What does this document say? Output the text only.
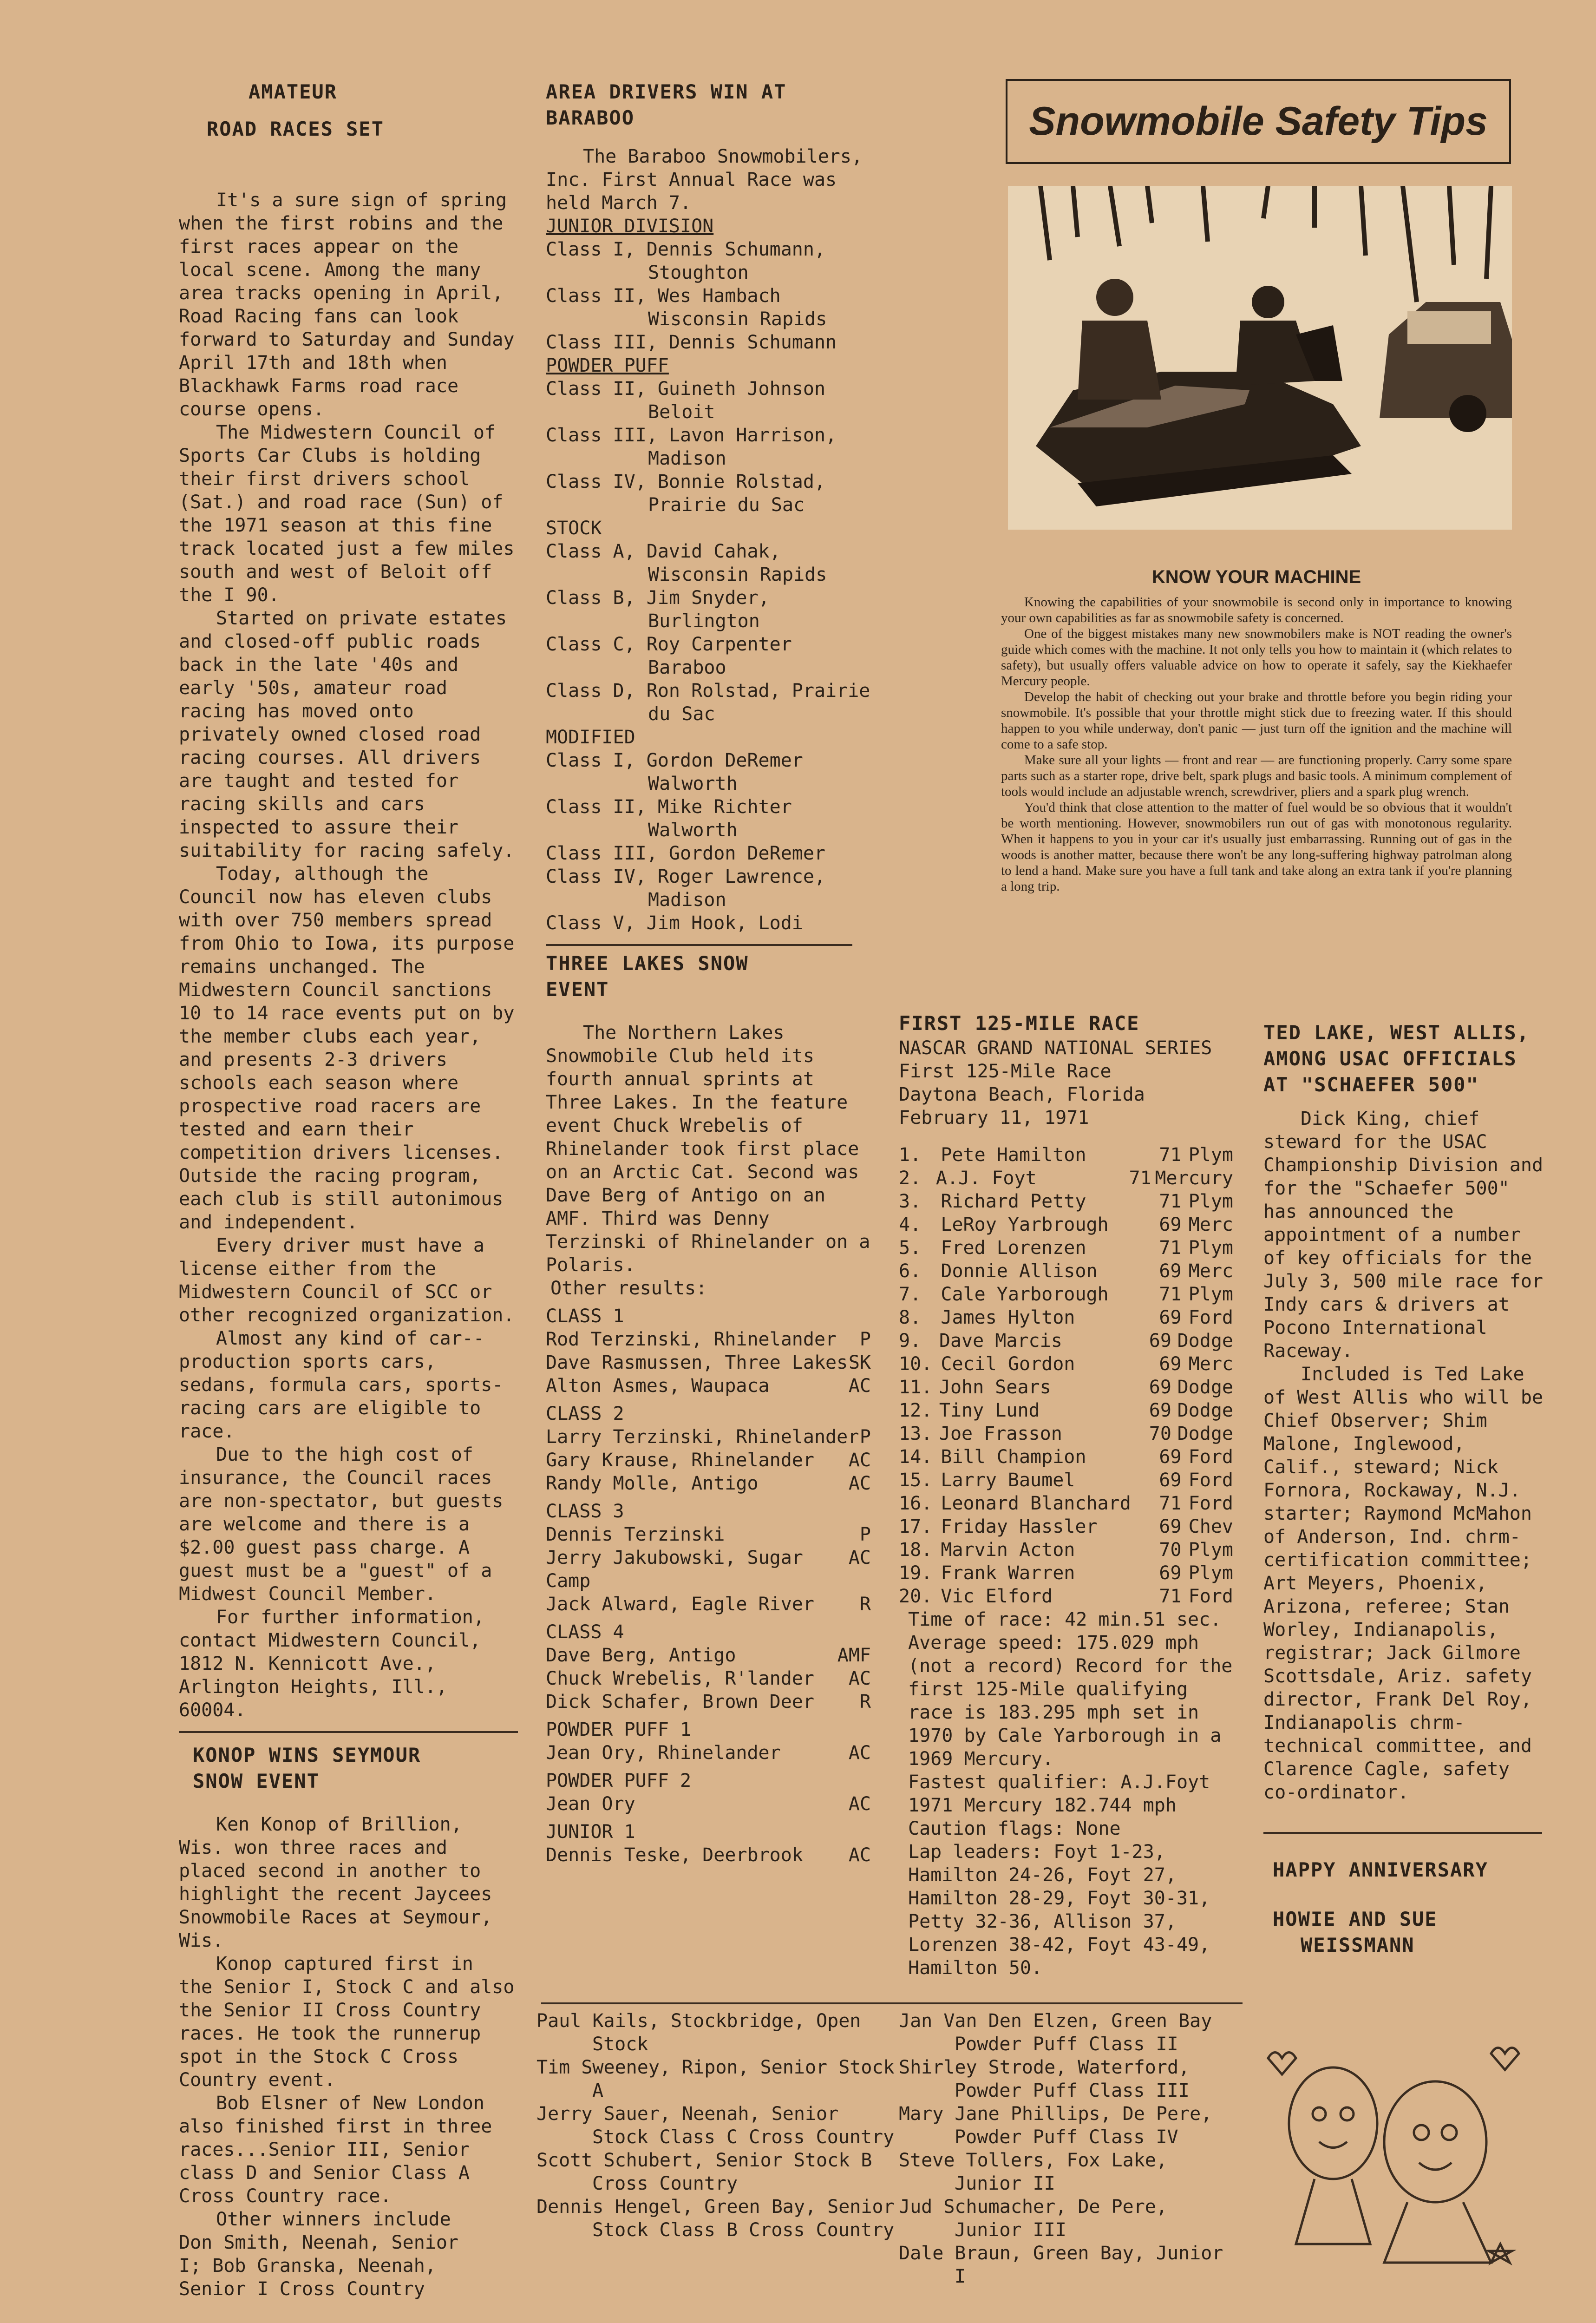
AMATEUR

ROAD RACES SET

It's a sure sign of spring when the first robins and the first races appear on the local scene. Among the many area tracks opening in April, Road Racing fans can look forward to Saturday and Sunday April 17th and 18th when Blackhawk Farms road race course opens.

The Midwestern Council of Sports Car Clubs is holding their first drivers school (Sat.) and road race (Sun) of the 1971 season at this fine track located just a few miles south and west of Beloit off the I 90.

Started on private estates and closed-off public roads back in the late '40s and early '50s, amateur road racing has moved onto privately owned closed road racing courses. All drivers are taught and tested for racing skills and cars inspected to assure their suitability for racing safely.

Today, although the Council now has eleven clubs with over 750 members spread from Ohio to Iowa, its purpose remains unchanged. The Midwestern Council sanctions 10 to 14 race events put on by the member clubs each year, and presents 2-3 drivers schools each season where prospective road racers are tested and earn their competition drivers licenses. Outside the racing program, each club is still autonimous and independent.

Every driver must have a license either from the Midwestern Council of SCC or other recognized organization.

Almost any kind of car-- production sports cars, sedans, formula cars, sports-racing cars are eligible to race.

Due to the high cost of insurance, the Council races are non-spectator, but guests are welcome and there is a $2.00 guest pass charge. A guest must be a "guest" of a Midwest Council Member.

For further information, contact Midwestern Council, 1812 N. Kennicott Ave., Arlington Heights, Ill., 60004.

KONOP WINS SEYMOUR SNOW EVENT

Ken Konop of Brillion, Wis. won three races and placed second in another to highlight the recent Jaycees Snowmobile Races at Seymour, Wis.

Konop captured first in the Senior I, Stock C and also the Senior II Cross Country races. He took the runnerup spot in the Stock C Cross Country event.

Bob Elsner of New London also finished first in three races...Senior III, Senior class D and Senior Class A Cross Country race.

Other winners include

Don Smith, Neenah, Senior I; Bob Granska, Neenah, Senior I Cross Country

AREA DRIVERS WIN AT BARABOO

The Baraboo Snowmobilers, Inc. First Annual Race was held March 7.

JUNIOR DIVISION

Class I, Dennis Schumann, Stoughton

Class II, Wes Hambach Wisconsin Rapids

Class III, Dennis Schumann

POWDER PUFF

Class II, Guineth Johnson Beloit

Class III, Lavon Harrison, Madison

Class IV, Bonnie Rolstad, Prairie du Sac

STOCK

Class A, David Cahak, Wisconsin Rapids

Class B, Jim Snyder, Burlington

Class C, Roy Carpenter Baraboo

Class D, Ron Rolstad, Prairie du Sac

MODIFIED

Class I, Gordon DeRemer Walworth

Class II, Mike Richter Walworth

Class III, Gordon DeRemer

Class IV, Roger Lawrence, Madison

Class V, Jim Hook, Lodi

THREE LAKES SNOW EVENT

The Northern Lakes Snowmobile Club held its fourth annual sprints at Three Lakes. In the feature event Chuck Wrebelis of Rhinelander took first place on an Arctic Cat. Second was Dave Berg of Antigo on an AMF. Third was Denny Terzinski of Rhinelander on a Polaris.

Other results:

CLASS 1

Rod Terzinski, Rhinelander P
Dave Rasmussen, Three Lakes SK
Alton Asmes, Waupaca	AC

CLASS 2

Larry Terzinski, Rhinelander P
Gary Krause, Rhinelander AC
Randy Molle, Antigo	AC

CLASS 3

Dennis Terzinski	P
Jerry Jakubowski, Sugar Camp
AC
Jack Alward, Eagle River R

CLASS 4

Dave Berg, Antigo	AMF
Chuck Wrebelis, R'lander AC
Dick Schafer, Brown Deer R

POWDER PUFF 1

Jean Ory, Rhinelander	AC

POWDER PUFF 2

Jean Ory	AC

JUNIOR 1

Dennis Teske, Deerbrook AC
Snowmobile Safety Tips

KNOW YOUR MACHINE

Knowing the capabilities of your snowmobile is second only in importance to knowing your own capabilities as far as snowmobile safety is concerned.

One of the biggest mistakes many new snowmobilers make is NOT reading the owner's guide which comes with the machine. It not only tells you how to maintain it (which relates to safety), but usually offers valuable advice on how to operate it safely, say the Kiekhaefer Mercury people.

Develop the habit of checking out your brake and throttle before you begin riding your snowmobile. It's possible that your throttle might stick due to freezing water. If this should happen to you while underway, don't panic — just turn off the ignition and the machine will come to a safe stop.

Make sure all your lights — front and rear — are functioning properly. Carry some spare parts such as a starter rope, drive belt, spark plugs and basic tools. A minimum complement of tools would include an adjustable wrench, screwdriver, pliers and a spark plug wrench.

You'd think that close attention to the matter of fuel would be so obvious that it wouldn't be worth mentioning. However, snowmobilers run out of gas with monotonous regularity. When it happens to you in your car it's usually just embarrassing. Running out of gas in the woods is another matter, because there won't be any long-suffering highway patrolman along to lend a hand. Make sure you have a full tank and take along an extra tank if you're planning a long trip.

FIRST 125-MILE RACE

NASCAR GRAND NATIONAL SERIES

First 125-Mile Race

Daytona Beach, Florida

February 11, 1971

1.	Pete Hamilton	71 Plym
2. A.J. Foyt	71 Mercury
3.	Richard Petty	71 Plym
4.	LeRoy Yarbrough	69 Merc
5.	Fred Lorenzen	71 Plym
6.	Donnie Allison	69 Merc
7.	Cale Yarborough	71 Plym
8.	James Hylton	69 Ford
9. Dave Marcis	69 Dodge
10. Cecil Gordon	69 Merc
11. John Sears	69 Dodge
12. Tiny Lund	69 Dodge
13. Joe Frasson	70 Dodge
14. Bill Champion	69 Ford
15. Larry Baumel	69 Ford
16. Leonard Blanchard	71 Ford
17. Friday Hassler	69 Chev
18. Marvin Acton	70 Plym
19. Frank Warren	69 Plym
20. Vic Elford	71 Ford

Time of race: 42 min.51 sec.

Average speed: 175.029 mph (not a record) Record for the first 125-Mile qualifying race is 183.295 mph set in 1970 by Cale Yarborough in a 1969 Mercury.

Fastest qualifier: A.J.Foyt 1971 Mercury 182.744 mph

Caution flags: None

Lap leaders: Foyt 1-23, Hamilton 24-26, Foyt 27, Hamilton 28-29, Foyt 30-31, Petty 32-36, Allison 37, Lorenzen 38-42, Foyt 43-49, Hamilton 50.

TED LAKE, WEST ALLIS, AMONG USAC OFFICIALS AT "SCHAEFER 500"

Dick King, chief steward for the USAC Championship Division and for the "Schaefer 500" has announced the appointment of a number of key officials for the July 3, 500 mile race for Indy cars & drivers at Pocono International Raceway.

Included is Ted Lake of West Allis who will be Chief Observer; Shim Malone, Inglewood, Calif., steward; Nick Fornora, Rockaway, N.J. starter; Raymond McMahon of Anderson, Ind. chrm-certification committee; Art Meyers, Phoenix, Arizona, referee; Stan Worley, Indianapolis, registrar; Jack Gilmore Scottsdale, Ariz. safety director, Frank Del Roy, Indianapolis chrm-technical committee, and Clarence Cagle, safety co-ordinator.

HAPPY ANNIVERSARY

HOWIE AND SUE

WEISSMANN

Paul Kails, Stockbridge, Open Stock

Tim Sweeney, Ripon, Senior Stock A

Jerry Sauer, Neenah, Senior Stock Class C Cross Country

Scott Schubert, Senior Stock B Cross Country

Dennis Hengel, Green Bay, Senior Stock Class B Cross Country

Jan Van Den Elzen, Green Bay Powder Puff Class II

Shirley Strode, Waterford, Powder Puff Class III

Mary Jane Phillips, De Pere, Powder Puff Class IV

Steve Tollers, Fox Lake, Junior II

Jud Schumacher, De Pere, Junior III

Dale Braun, Green Bay, Junior I
